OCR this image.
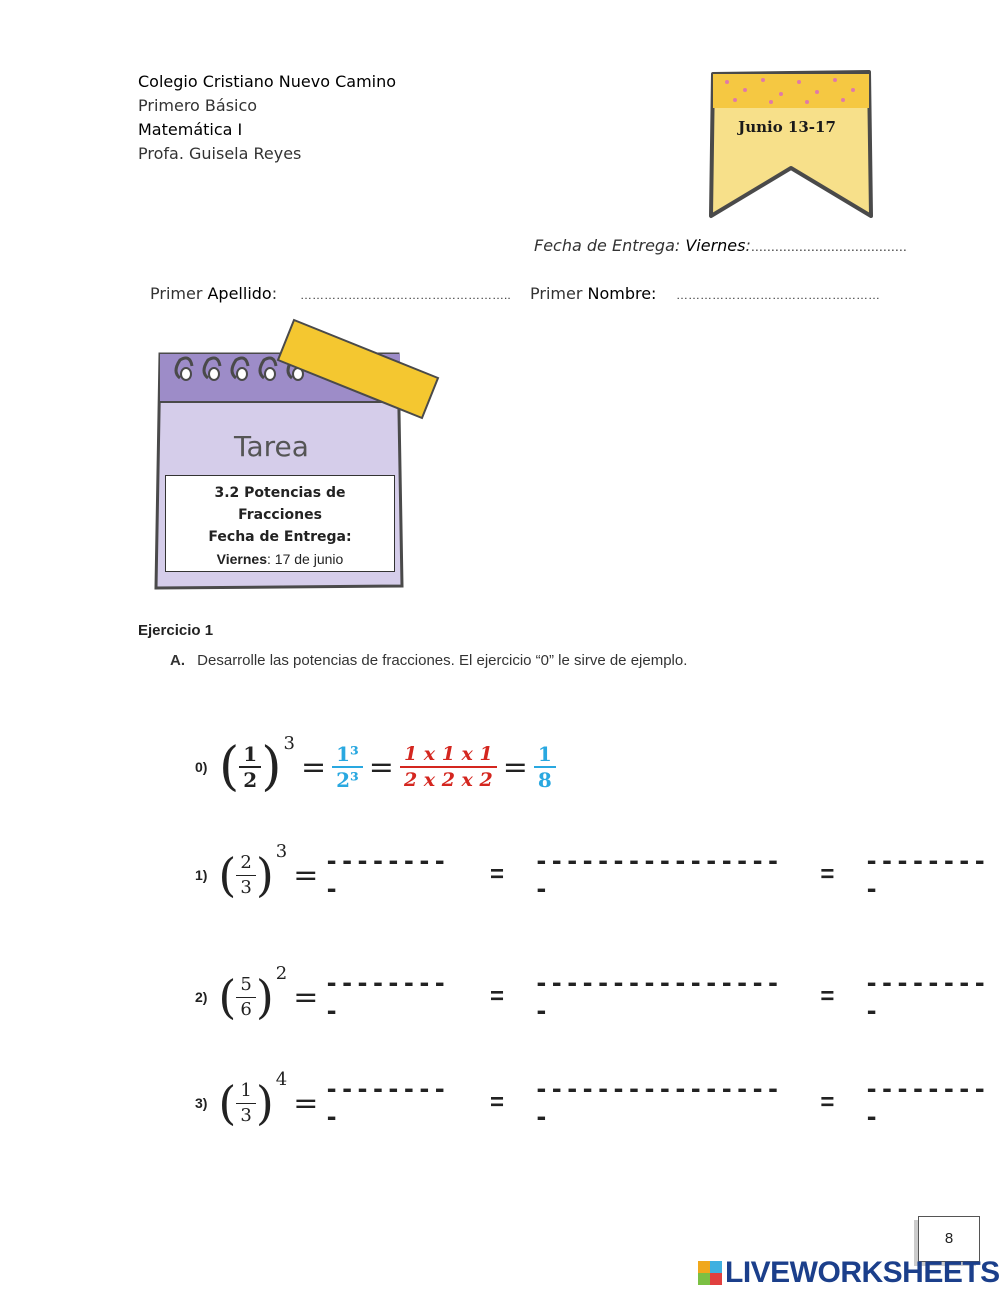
Colegio Cristiano Nuevo Camino
Primero Básico
Matemática I
Profa. Guisela Reyes
Junio 13-17
Fecha de Entrega: Viernes:…………………………………
Primer Apellido: …………………………………………….. Primer Nombre: ……………………………………………
Tarea
3.2 Potencias de
Fracciones
Fecha de Entrega:
Viernes: 17 de junio
Ejercicio 1
A. Desarrolle las potencias de fracciones. El ejercicio “0” le sirve de ejemplo.
0) ( $\frac{1}{2}$ ) 3
= $\frac{\text{1³}}{\text{2³}} = \frac{1 x 1 x 1}{2 x 2 x 2} = \frac{1}{8}$
1) ( $\frac{2}{3}$ ) 3
= ---------
= -----------------
= ---------
2) ( $\frac{5}{6}$ ) 2
= ---------
= -----------------
= ---------
3) ( $\frac{1}{3}$ ) 4
= ---------
= -----------------
= ---------
8
LIVEWORKSHEETS
